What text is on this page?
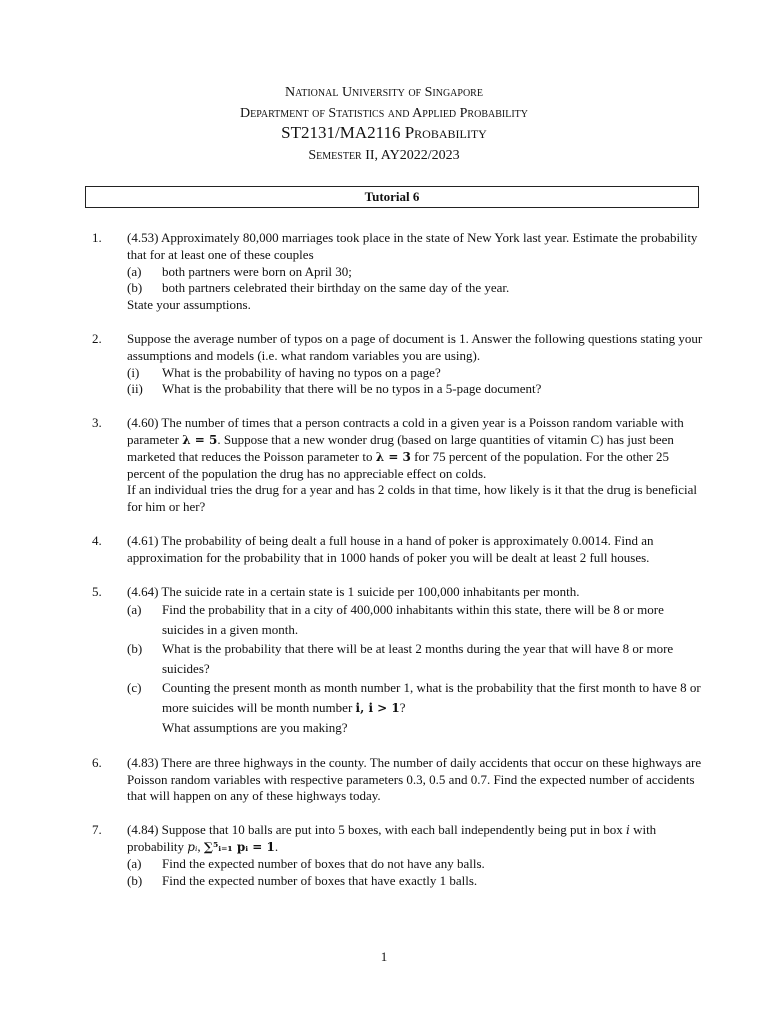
National University of Singapore
Department of Statistics and Applied Probability
ST2131/MA2116 Probability
Semester II, AY2022/2023
Tutorial 6
1.	(4.53) Approximately 80,000 marriages took place in the state of New York last year. Estimate the probability that for at least one of these couples
(a)	both partners were born on April 30;
(b)	both partners celebrated their birthday on the same day of the year.
State your assumptions.
2.	Suppose the average number of typos on a page of document is 1. Answer the following questions stating your assumptions and models (i.e. what random variables you are using).
(i)	What is the probability of having no typos on a page?
(ii)	What is the probability that there will be no typos in a 5-page document?
3.	(4.60) The number of times that a person contracts a cold in a given year is a Poisson random variable with parameter λ = 5. Suppose that a new wonder drug (based on large quantities of vitamin C) has just been marketed that reduces the Poisson parameter to λ = 3 for 75 percent of the population. For the other 25 percent of the population the drug has no appreciable effect on colds.
If an individual tries the drug for a year and has 2 colds in that time, how likely is it that the drug is beneficial for him or her?
4.	(4.61) The probability of being dealt a full house in a hand of poker is approximately 0.0014. Find an approximation for the probability that in 1000 hands of poker you will be dealt at least 2 full houses.
5.	(4.64) The suicide rate in a certain state is 1 suicide per 100,000 inhabitants per month.
(a)	Find the probability that in a city of 400,000 inhabitants within this state, there will be 8 or more suicides in a given month.
(b)	What is the probability that there will be at least 2 months during the year that will have 8 or more suicides?
(c)	Counting the present month as month number 1, what is the probability that the first month to have 8 or more suicides will be month number i, i > 1?
What assumptions are you making?
6.	(4.83) There are three highways in the county. The number of daily accidents that occur on these highways are Poisson random variables with respective parameters 0.3, 0.5 and 0.7. Find the expected number of accidents that will happen on any of these highways today.
7.	(4.84) Suppose that 10 balls are put into 5 boxes, with each ball independently being put in box i with probability pᵢ, ∑⁵ᵢ₌₁ pᵢ = 1.
(a)	Find the expected number of boxes that do not have any balls.
(b)	Find the expected number of boxes that have exactly 1 balls.
1
